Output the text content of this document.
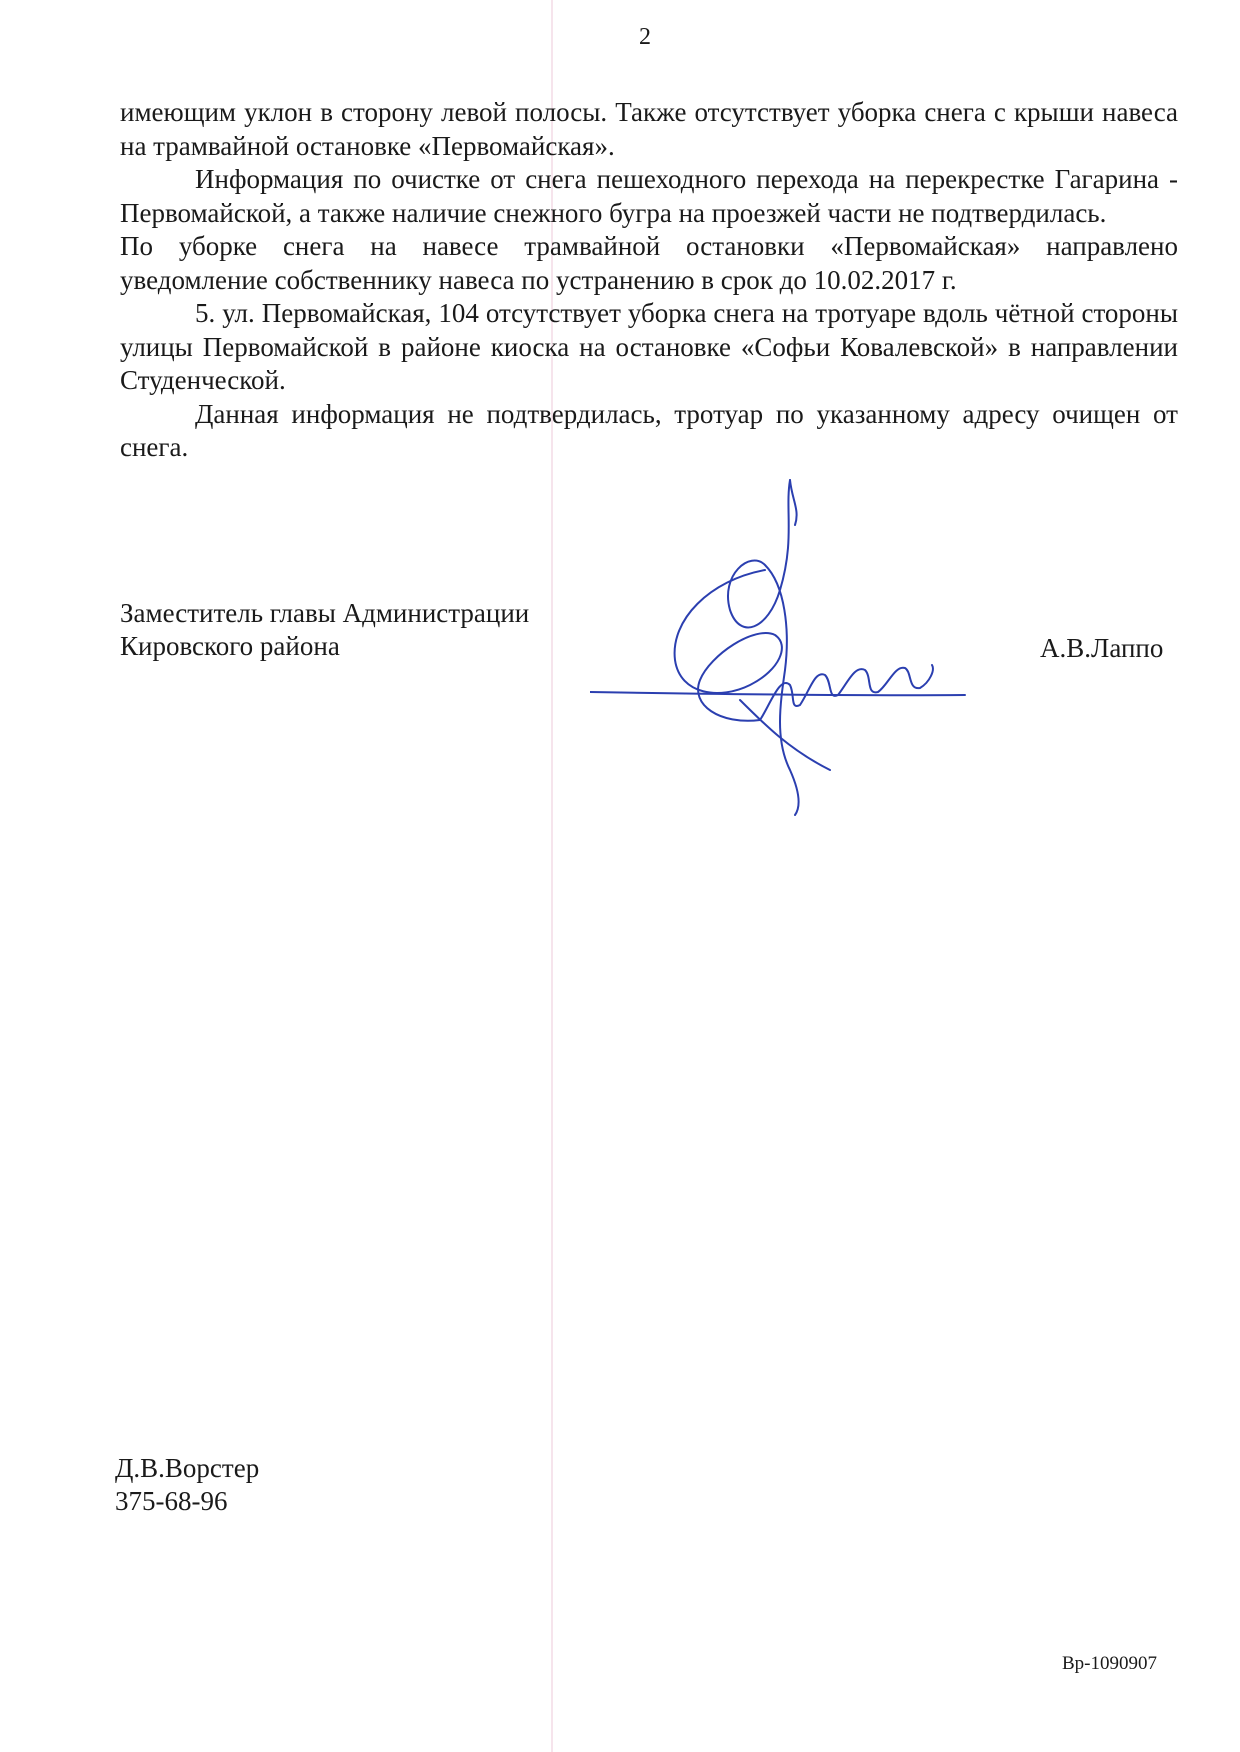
2

имеющим уклон в сторону левой полосы. Также отсутствует уборка снега с крыши навеса на трамвайной остановке «Первомайская».

Информация по очистке от снега пешеходного перехода на перекрестке Гагарина - Первомайской, а также наличие снежного бугра на проезжей части не подтвердилась.

По уборке снега на навесе трамвайной остановки «Первомайская» направлено уведомление собственнику навеса по устранению в срок до 10.02.2017 г.

5. ул. Первомайская, 104 отсутствует уборка снега на тротуаре вдоль чётной стороны улицы Первомайской в районе киоска на остановке «Софьи Ковалевской» в направлении Студенческой.

Данная информация не подтвердилась, тротуар по указанному адресу очищен от снега.

Заместитель главы Администрации
Кировского района	А.В.Лаппо
Д.В.Ворстер
375-68-96
Вр-1090907
